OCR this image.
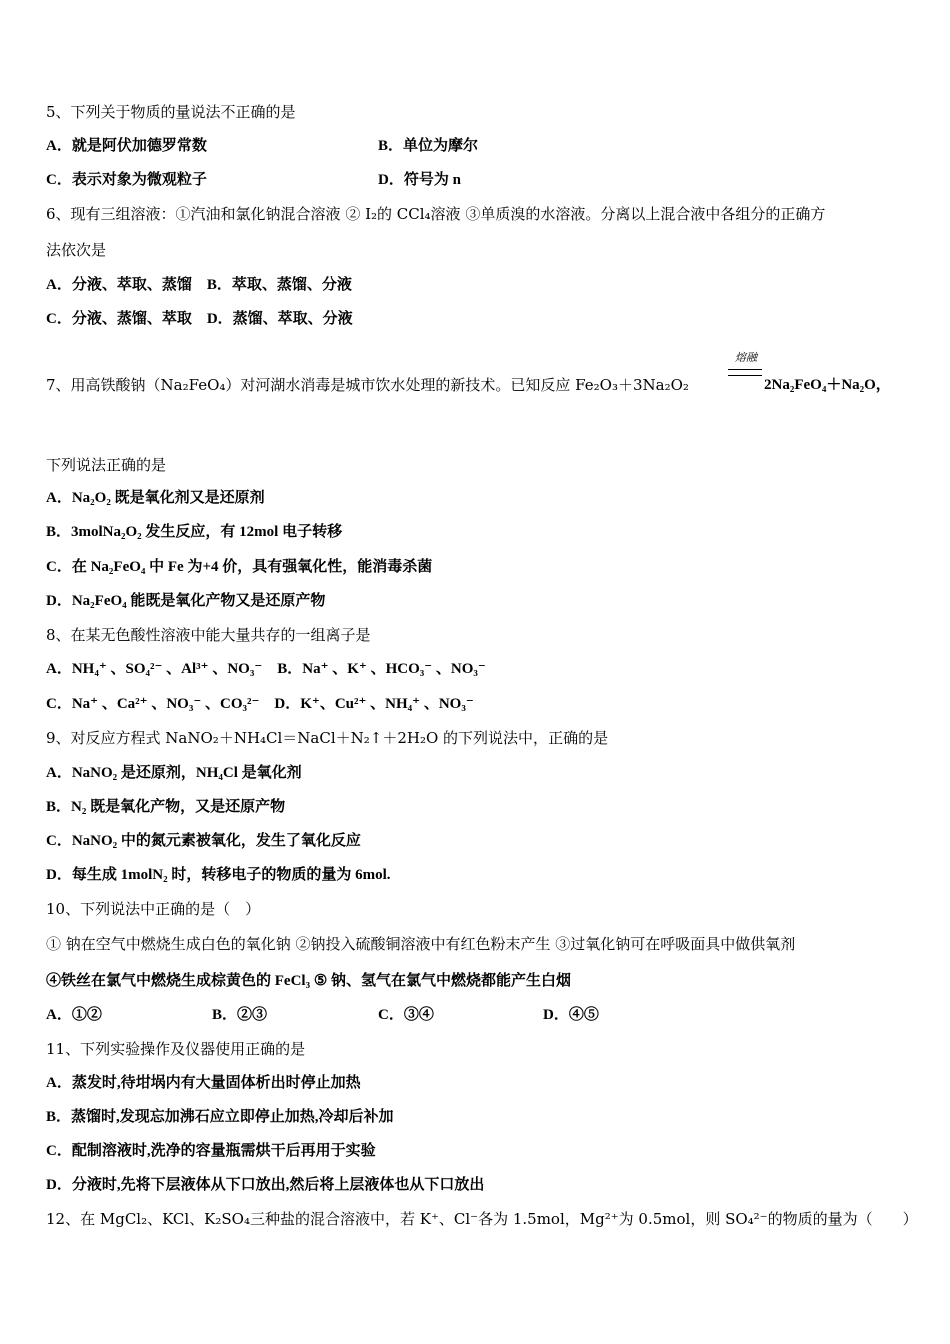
5、下列关于物质的量说法不正确的是
A．就是阿伏加德罗常数	B．单位为摩尔
C．表示对象为微观粒子	D．符号为 n
6、现有三组溶液：①汽油和氯化钠混合溶液 ② I₂的 CCl₄溶液 ③单质溴的水溶液。分离以上混合液中各组分的正确方
法依次是
A．分液、萃取、蒸馏　B．萃取、蒸馏、分液
C．分液、蒸馏、萃取　D．蒸馏、萃取、分液
7、用高铁酸钠（Na₂FeO₄）对河湖水消毒是城市饮水处理的新技术。已知反应 Fe₂O₃＋3Na₂O₂
熔融
2Na₂FeO₄＋Na₂O，
下列说法正确的是
A．Na₂O₂ 既是氧化剂又是还原剂
B．3molNa₂O₂ 发生反应，有 12mol 电子转移
C．在 Na₂FeO₄ 中 Fe 为+4 价，具有强氧化性，能消毒杀菌
D．Na₂FeO₄ 能既是氧化产物又是还原产物
8、在某无色酸性溶液中能大量共存的一组离子是
A．NH₄⁺ 、SO₄²⁻ 、Al³⁺ 、NO₃⁻　B．Na⁺ 、K⁺ 、HCO₃⁻ 、NO₃⁻
C．Na⁺ 、Ca²⁺ 、NO₃⁻ 、CO₃²⁻　D．K⁺、Cu²⁺ 、NH₄⁺ 、NO₃⁻
9、对反应方程式 NaNO₂＋NH₄Cl＝NaCl＋N₂↑＋2H₂O 的下列说法中，正确的是
A．NaNO₂ 是还原剂，NH₄Cl 是氧化剂
B．N₂ 既是氧化产物，又是还原产物
C．NaNO₂ 中的氮元素被氧化，发生了氧化反应
D．每生成 1molN₂ 时，转移电子的物质的量为 6mol.
10、下列说法中正确的是（　）
① 钠在空气中燃烧生成白色的氧化钠 ②钠投入硫酸铜溶液中有红色粉末产生 ③过氧化钠可在呼吸面具中做供氧剂
④铁丝在氯气中燃烧生成棕黄色的 FeCl₃ ⑤ 钠、氢气在氯气中燃烧都能产生白烟
A．①②	B．②③	C．③④	D．④⑤
11、下列实验操作及仪器使用正确的是
A．蒸发时,待坩埚内有大量固体析出时停止加热
B．蒸馏时,发现忘加沸石应立即停止加热,冷却后补加
C．配制溶液时,洗净的容量瓶需烘干后再用于实验
D．分液时,先将下层液体从下口放出,然后将上层液体也从下口放出
12、在 MgCl₂、KCl、K₂SO₄三种盐的混合溶液中，若 K⁺、Cl⁻各为 1.5mol，Mg²⁺为 0.5mol，则 SO₄²⁻的物质的量为（　　）
